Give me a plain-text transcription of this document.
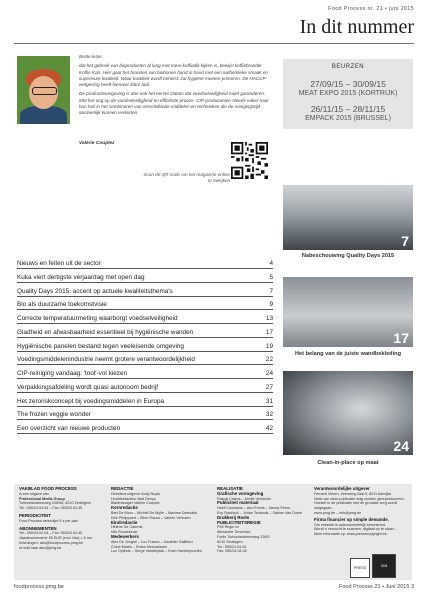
Food Process nr. 21 • juni 2015
In dit nummer

Beste lezer,

dat het gebruik van bioproducten al lang met meer koffiedik kijken is, bewijst koffiebrander Koffie Kan. Hier gaat het branden van biobonen hand in hand met een authentieke smaak en superieure kwaliteit. Waar kwaliteit wordt beheist, zal hygiëne moeten primeren. De HACCP-wetgeving heeft hierover klare taal.

De productieomgeving is dan ook het eerste station dat voedselveiligheid moet garanderen. Met het oog op de voedselveiligheid en efficiënte proces- CIP-producenten steeds vaker naar hun heil in het combineren van verschillende middelen en technieken die de reinigingstijd aanzienlijk kunnen verkorten.

Valérie Couplez
BEURZEN
27/09/15 – 30/09/15
MEAT EXPO 2015 (KORTRIJK)
26/11/15 – 28/11/15
EMPACK 2015 (BRUSSEL)
Scan de QR-code om het magazine online te bekijken
7
Nabeschouwing Quality Days 2015
17
Het belang van de juiste wandbekleding
24
Clean-in-place op maat
Nieuws en feiten uit de sector	4
Kuka viert dertigste verjaardag met open dag	5
Quality Days 2015: accent op actuele kwaliteitsthema's	7
Bio als duurzame toekomstvisie	9
Correcte temperatuurmeting waarborgt voedselveiligheid	13
Gladheid en afwasbaarheid essentieel bij hygiënische wanden	17
Hygiënische panelen bestand tegen veeleisende omgeving	19
Voedingsmiddelenindustrie neemt grotere verantwoordelijkheid	22
CIP-reiniging vandaag: 'tool'-vol kiezen	24
Verpakkingsafdeling wordt quasi autonoom bedrijf	27
Het zeroriskconcept bij voedingsmiddelen in Europa	31
The frozen veggie wonder	32
Een overzicht van nieuwe producten	42
VAKBLAD FOOD PROCESS
is een uitgave van
Professional Media Group
Torhoutsesteenweg 226/56, 8210 Zedelgem
Tel.: 050/24.04.04 – Fax: 050/24.04.45
PERIODICITEIT
Food Process verschijnt 5 x per jaar
ABONNEMENTEN
Tel.: 050/24.04.04 – Fax: 050/24.04.45
Jaarabonnement: 50 EUR (excl. btw) = 5 nrs
Inlichtingen: abo@foodprocess.pmg.be
of mail naar abo@pmg.be
REDACTIE
Directeur-uitgever Andy Nuyts
Hoofdredacteur Bart Denys
Bladmanager Valérie Couplez
Kernredactie
Bart De Moor – Michiel De Mylle – Maxime Delesalle
Dirk Philippaert – Eline Rousu – Valérie Verlosen
Eindredactie
Hélène De Caerme
Nils Rousseeuw
Medewerkers
Alex De Jonghe – Luc Franco – Gauthier Galliford
Chloé Martin – Rutus Meeuwissen
Luc Oplinde – Serge Vanderplas – Koen Vanderpoorten
REALISATIE
Grafische vormgeving
Pascal Caleus – Axelle Verriecke
Publiciteit materiaal
Heidi Coussens – Ann Everts – Nancy Peers
Evy Swolinck – Johan Terdwolk – Sabine Van Doele
Drukkerij Roels
PUBLICITEITSREGIE
PMI Regie nv
Alexander Devreese
Fortis Torhoutsesteenweg 226/5
8210 Zedelgem
Tel.: 050/24.04.04
Fax: 050/24.04.45
Verantwoordelijke uitgever
Ferrand Vieren, Zeenweg Zaal 5, 8211 Aartrijke
Niets van deze publicatie mag worden gereproduceerd...
Hoewel in de publicatie met de grootste zorg wordt omgegaan...
www.pmg.be – info@pmg.be
Firma financier op simple demande.
Om redactie is auteursrechtelijk beschermd.
Wordt u verzocht te scannen, digitaal op te slaan...
Meer informatie op: www.pressecopyright.be
PRESS	CIM
foodprocess.pmg.be	Food Process 21 • Juni 2015 3
